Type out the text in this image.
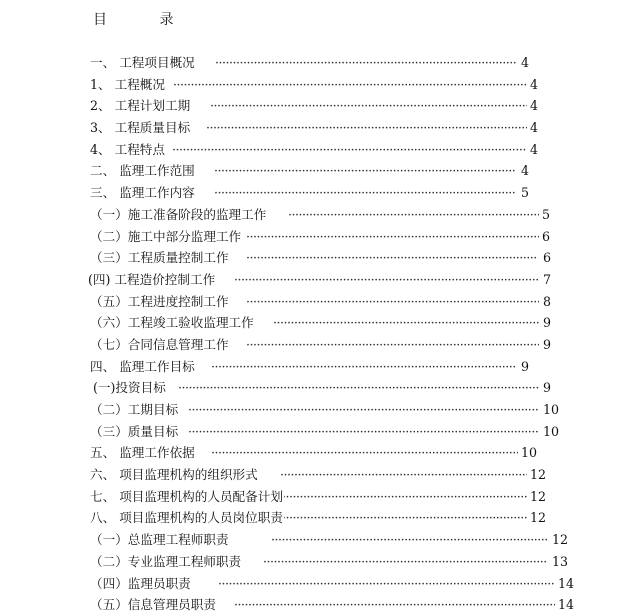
目 录
·····
一、 工程项目概况	4
·····
1、 工程概况	4
·····
2、 工程计划工期	4
·····
3、 工程质量目标	4
·····
4、 工程特点	4
·····
二、 监理工作范围	4
·····
三、 监理工作内容	5
·····
（一）施工准备阶段的监理工作	5
·····
（二）施工中部分监理工作	6
·····
（三）工程质量控制工作	6
·····
(四) 工程造价控制工作	7
·····
（五）工程进度控制工作	8
·····
（六）工程竣工验收监理工作	9
·····
（七）合同信息管理工作	9
·····
四、 监理工作目标	9
·····
(一)投资目标	9
·····
（二）工期目标	10
·····
（三）质量目标	10
·····
五、 监理工作依据	10
·····
六、 项目监理机构的组织形式	12
·····
七、 项目监理机构的人员配备计划	12
·····
八、 项目监理机构的人员岗位职责	12
·····
（一）总监理工程师职责	12
·····
（二）专业监理工程师职责	13
·····
（四）监理员职责	14
·····
（五）信息管理员职责	14
